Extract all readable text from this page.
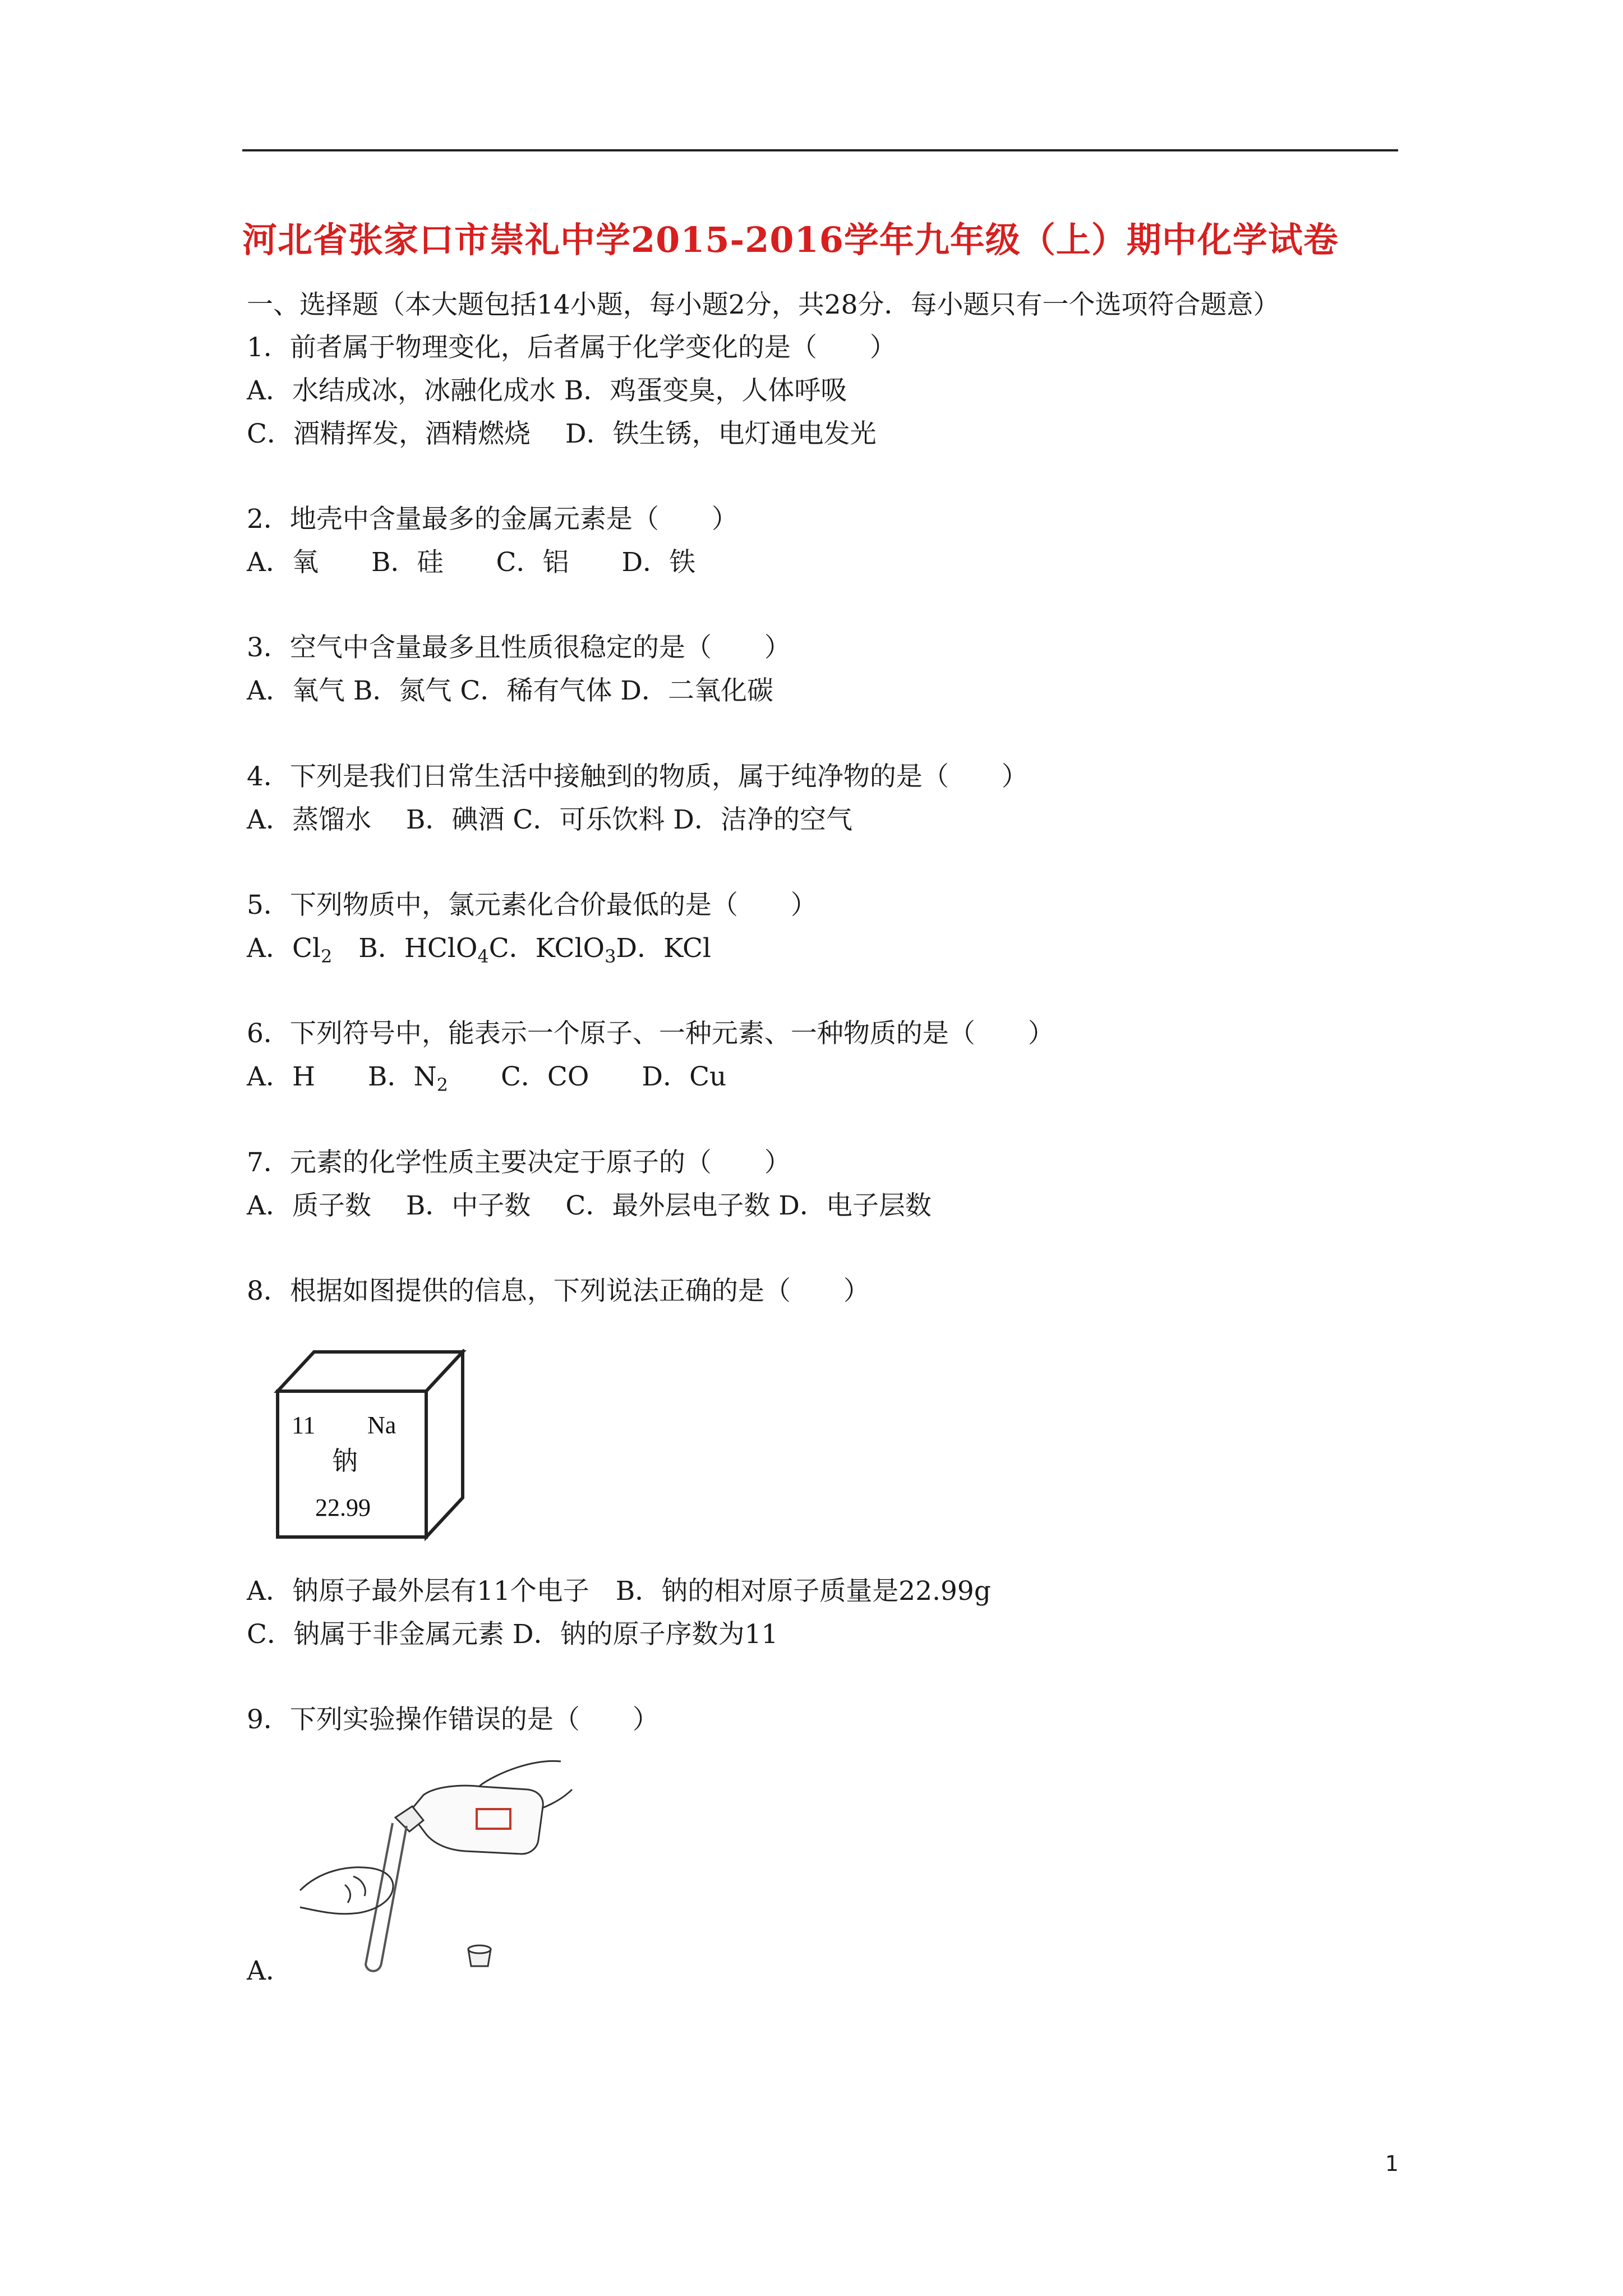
河北省张家口市崇礼中学2015-2016学年九年级（上）期中化学试卷
一、选择题（本大题包括14小题，每小题2分，共28分．每小题只有一个选项符合题意）
1．前者属于物理变化，后者属于化学变化的是（　　）
A．水结成冰，冰融化成水 B．鸡蛋变臭，人体呼吸
C．酒精挥发，酒精燃烧　 D．铁生锈，电灯通电发光
2．地壳中含量最多的金属元素是（　　）
A．氧　　B．硅　　C．铝　　D．铁
3．空气中含量最多且性质很稳定的是（　　）
A．氧气 B．氮气 C．稀有气体 D．二氧化碳
4．下列是我们日常生活中接触到的物质，属于纯净物的是（　　）
A．蒸馏水　 B．碘酒 C．可乐饮料 D．洁净的空气
5．下列物质中，氯元素化合价最低的是（　　）
A．$Cl_2$　B．HClO$_4$C．KClO$_3$D．KCl
6．下列符号中，能表示一个原子、一种元素、一种物质的是（　　）
A．H　　B．$N_2$　　C．CO　　D．Cu
7．元素的化学性质主要决定于原子的（　　）
A．质子数　 B．中子数　 C．最外层电子数 D．电子层数
8．根据如图提供的信息，下列说法正确的是（　　）
11 Na
钠
22.99
A．钠原子最外层有11个电子　B．钠的相对原子质量是22.99g
C．钠属于非金属元素 D．钠的原子序数为11
9．下列实验操作错误的是（　　）
A．
1
